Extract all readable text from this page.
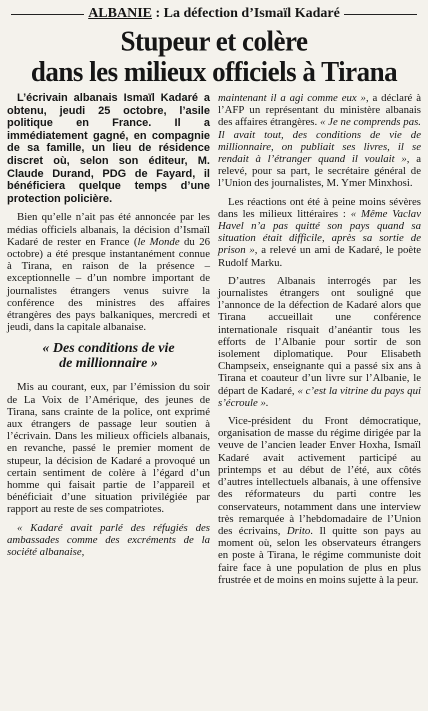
ALBANIE : La défection d’Ismaïl Kadaré
Stupeur et colère
dans les milieux officiels à Tirana

L’écrivain albanais Ismaïl Kadaré a obtenu, jeudi 25 octobre, l’asile politique en France. Il a immédiatement gagné, en compagnie de sa famille, un lieu de résidence discret où, selon son éditeur, M. Claude Durand, PDG de Fayard, il bénéficiera quelque temps d’une protection policière.

Bien qu’elle n’ait pas été annoncée par les médias officiels albanais, la décision d’Ismaïl Kadaré de rester en France (le Monde du 26 octobre) a été presque instantanément connue à Tirana, en raison de la présence – exceptionnelle – d’un nombre important de journalistes étrangers venus suivre la conférence des ministres des affaires étrangères des pays balkaniques, mercredi et jeudi, dans la capitale albanaise.

« Des conditions de vie
de millionnaire »

Mis au courant, eux, par l’émission du soir de La Voix de l’Amérique, des jeunes de Tirana, sans crainte de la police, ont exprimé aux étrangers de passage leur soutien à l’écrivain. Dans les milieux officiels albanais, en revanche, passé le premier moment de stupeur, la décision de Kadaré a provoqué un certain sentiment de colère à l’égard d’un homme qui faisait partie de l’appareil et bénéficiait d’une situation privilégiée par rapport au reste de ses compatriotes.

« Kadaré avait parlé des réfugiés des ambassades comme des excréments de la société albanaise,

maintenant il a agi comme eux », a déclaré à l’AFP un représentant du ministère albanais des affaires étrangères. « Je ne comprends pas. Il avait tout, des conditions de vie de millionnaire, on publiait ses livres, il se rendait à l’étranger quand il voulait », a relevé, pour sa part, le secrétaire général de l’Union des journalistes, M. Ymer Minxhosi.

Les réactions ont été à peine moins sévères dans les milieux littéraires : « Même Vaclav Havel n’a pas quitté son pays quand sa situation était difficile, après sa sortie de prison », a relevé un ami de Kadaré, le poète Rudolf Marku.

D’autres Albanais interrogés par les journalistes étrangers ont souligné que l’annonce de la défection de Kadaré alors que Tirana accueillait une conférence internationale risquait d’anéantir tous les efforts de l’Albanie pour sortir de son isolement diplomatique. Pour Elisabeth Champseix, enseignante qui a passé six ans à Tirana et coauteur d’un livre sur l’Albanie, le départ de Kadaré, « c’est la vitrine du pays qui s’écroule ».

Vice-président du Front démocratique, organisation de masse du régime dirigée par la veuve de l’ancien leader Enver Hoxha, Ismaïl Kadaré avait activement participé au printemps et au début de l’été, aux côtés d’autres intellectuels albanais, à une offensive des réformateurs du parti contre les conservateurs, notamment dans une interview très remarquée à l’hebdomadaire de l’Union des écrivains, Drito. Il quitte son pays au moment où, selon les observateurs étrangers en poste à Tirana, le régime communiste doit faire face à une population de plus en plus frustrée et de moins en moins sujette à la peur.
